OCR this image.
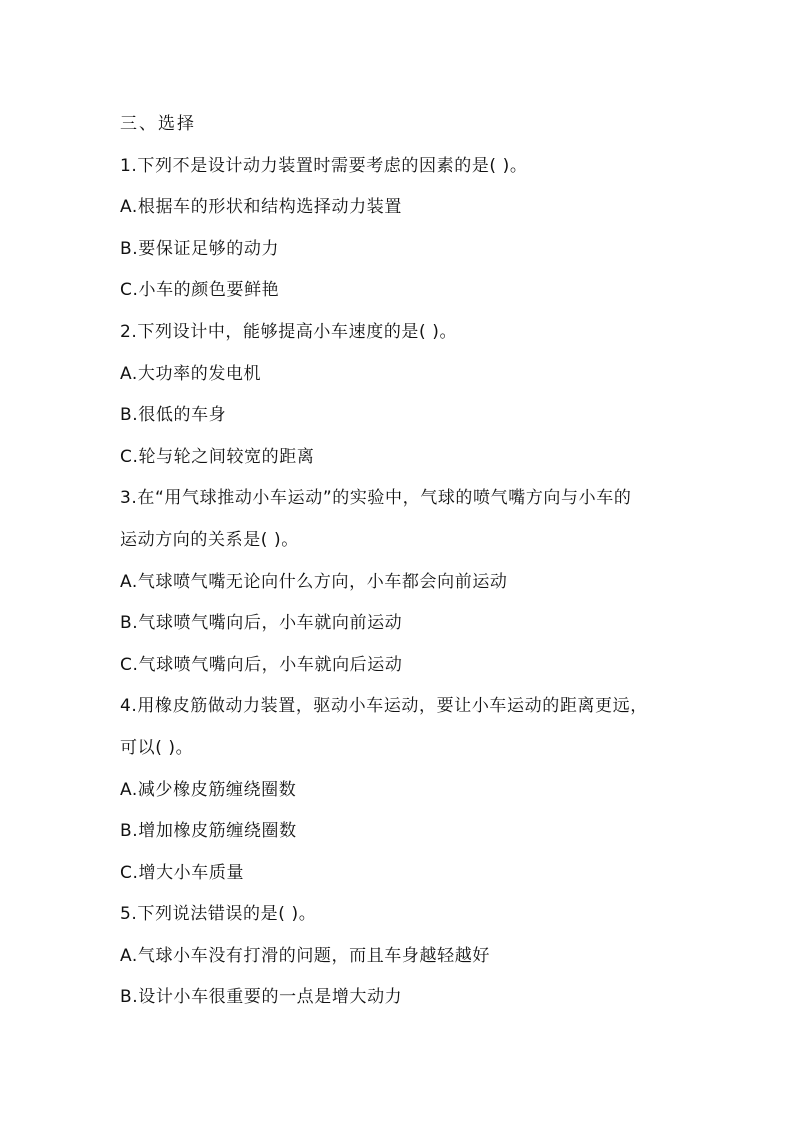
三、选择
1.下列不是设计动力装置时需要考虑的因素的是( )。
A.根据车的形状和结构选择动力装置
B.要保证足够的动力
C.小车的颜色要鲜艳
2.下列设计中，能够提高小车速度的是( )。
A.大功率的发电机
B.很低的车身
C.轮与轮之间较宽的距离
3.在“用气球推动小车运动”的实验中，气球的喷气嘴方向与小车的
运动方向的关系是( )。
A.气球喷气嘴无论向什么方向，小车都会向前运动
B.气球喷气嘴向后，小车就向前运动
C.气球喷气嘴向后，小车就向后运动
4.用橡皮筋做动力装置，驱动小车运动，要让小车运动的距离更远，
可以( )。
A.减少橡皮筋缠绕圈数
B.增加橡皮筋缠绕圈数
C.增大小车质量
5.下列说法错误的是( )。
A.气球小车没有打滑的问题，而且车身越轻越好
B.设计小车很重要的一点是增大动力
